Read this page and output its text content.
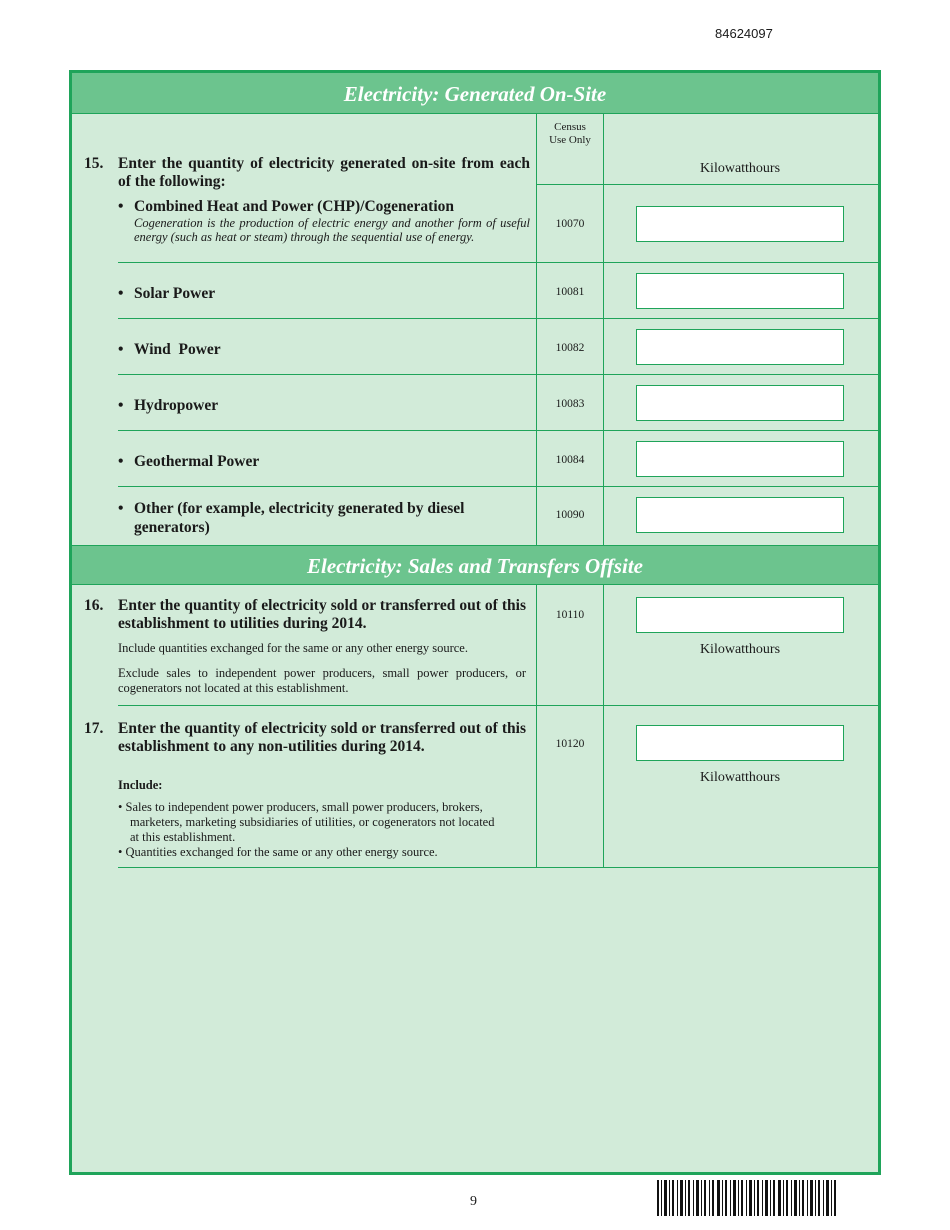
84624097
Electricity: Generated On-Site
Census
Use Only
Kilowatthours
15. Enter the quantity of electricity generated on-site from each of the following:
• Combined Heat and Power (CHP)/Cogeneration
Cogeneration is the production of electric energy and another form of useful energy (such as heat or steam) through the sequential use of energy.
10070
• Solar Power	10081
• Wind  Power	10082
• Hydropower	10083
• Geothermal Power	10084
• Other (for example, electricity generated by diesel generators)
10090
Electricity: Sales and Transfers Offsite
16. Enter the quantity of electricity sold or transferred out of this establishment to utilities during 2014.
Include quantities exchanged for the same or any other energy source.
Exclude sales to independent power producers, small power producers, or cogenerators not located at this establishment.
10110
Kilowatthours
17. Enter the quantity of electricity sold or transferred out of this establishment to any non-utilities during 2014.
Include:
• Sales to independent power producers, small power producers, brokers, marketers, marketing subsidiaries of utilities, or cogenerators not located at this establishment.
• Quantities exchanged for the same or any other energy source.
10120
Kilowatthours
9
